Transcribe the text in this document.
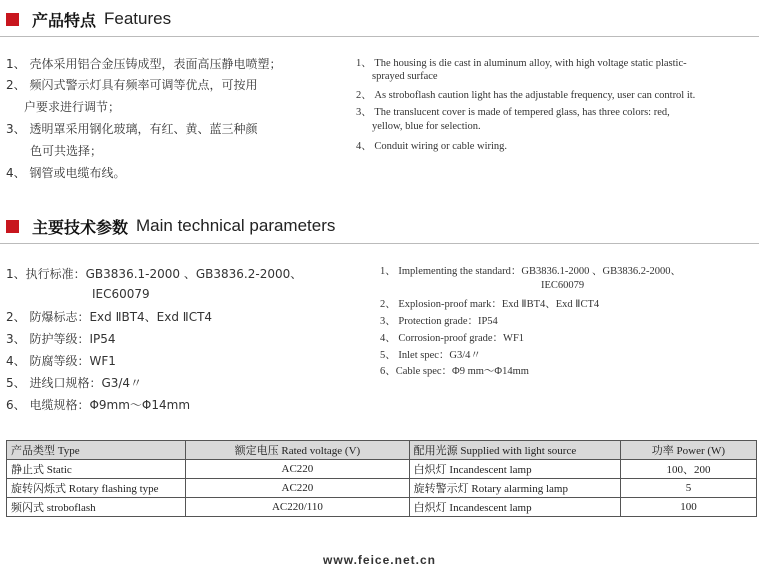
产品特点 Features
1、 壳体采用铝合金压铸成型，表面高压静电喷塑；
2、 频闪式警示灯具有频率可调等优点，可按用
户要求进行调节；
3、 透明罩采用钢化玻璃，有红、黄、蓝三种颜
色可共选择；
4、 钢管或电缆布线。
1、 The housing is die cast in aluminum alloy, with high voltage static plastic-
sprayed surface
2、 As stroboflash caution light has the adjustable frequency, user can control it.
3、 The translucent cover is made of tempered glass, has three colors: red,
yellow, blue for selection.
4、 Conduit wiring or cable wiring.
主要技术参数 Main technical parameters
1、执行标准：GB3836.1-2000 、GB3836.2-2000、
IEC60079
2、 防爆标志：Exd ⅡBT4、Exd ⅡCT4
3、 防护等级：IP54
4、 防腐等级：WF1
5、 进线口规格：G3/4〃
6、 电缆规格：Φ9mm～Φ14mm
1、 Implementing the standard：GB3836.1-2000 、GB3836.2-2000、
IEC60079
2、 Explosion-proof mark：Exd ⅡBT4、Exd ⅡCT4
3、 Protection grade：IP54
4、 Corrosion-proof grade：WF1
5、 Inlet spec：G3/4〃
6、Cable spec：Φ9 mm～Φ14mm
产品类型 Type	额定电压 Rated voltage (V)	配用光源 Supplied with light source	功率 Power (W)
静止式 Static	AC220	白炽灯 Incandescent lamp	100、200
旋转闪烁式 Rotary flashing type	AC220	旋转警示灯 Rotary alarming lamp	5
频闪式 stroboflash	AC220/110	白炽灯 Incandescent lamp	100
www.feice.net.cn
